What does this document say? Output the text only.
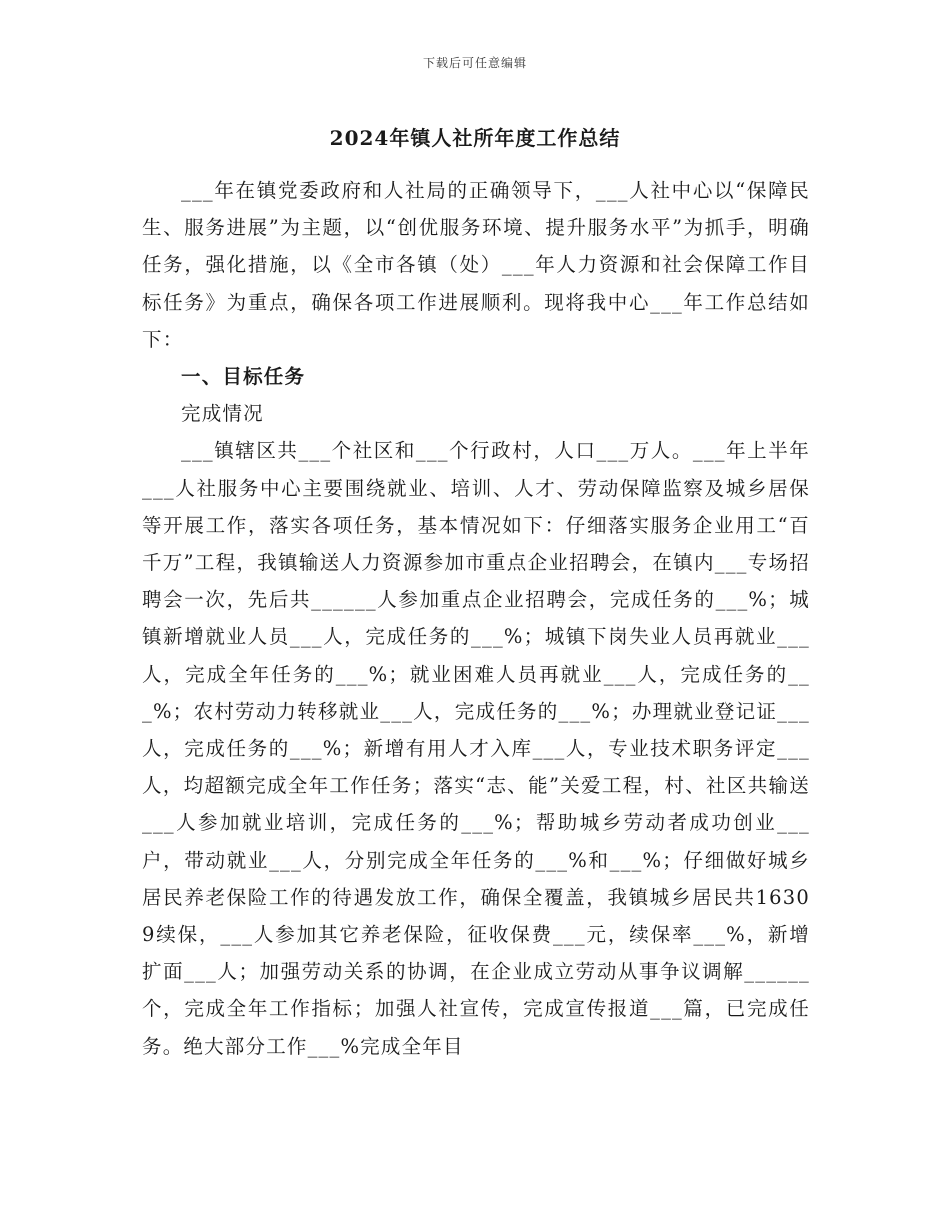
下载后可任意编辑
2024年镇人社所年度工作总结

___年在镇党委政府和人社局的正确领导下，___人社中心以“保障民生、服务进展”为主题，以“创优服务环境、提升服务水平”为抓手，明确任务，强化措施，以《全市各镇（处）___年人力资源和社会保障工作目标任务》为重点，确保各项工作进展顺利。现将我中心___年工作总结如下：

一、目标任务

完成情况

___镇辖区共___个社区和___个行政村，人口___万人。___年上半年___人社服务中心主要围绕就业、培训、人才、劳动保障监察及城乡居保等开展工作，落实各项任务，基本情况如下：仔细落实服务企业用工“百千万”工程，我镇输送人力资源参加市重点企业招聘会，在镇内___专场招聘会一次，先后共______人参加重点企业招聘会，完成任务的___%；城镇新增就业人员___人，完成任务的___%；城镇下岗失业人员再就业___人，完成全年任务的___%；就业困难人员再就业___人，完成任务的___%；农村劳动力转移就业___人，完成任务的___%；办理就业登记证___人，完成任务的___%；新增有用人才入库___人，专业技术职务评定___人，均超额完成全年工作任务；落实“志、能”关爱工程，村、社区共输送___人参加就业培训，完成任务的___%；帮助城乡劳动者成功创业___户，带动就业___人，分别完成全年任务的___%和___%；仔细做好城乡居民养老保险工作的待遇发放工作，确保全覆盖，我镇城乡居民共16309续保，___人参加其它养老保险，征收保费___元，续保率___%，新增扩面___人；加强劳动关系的协调，在企业成立劳动从事争议调解______个，完成全年工作指标；加强人社宣传，完成宣传报道___篇，已完成任务。绝大部分工作___%完成全年目
